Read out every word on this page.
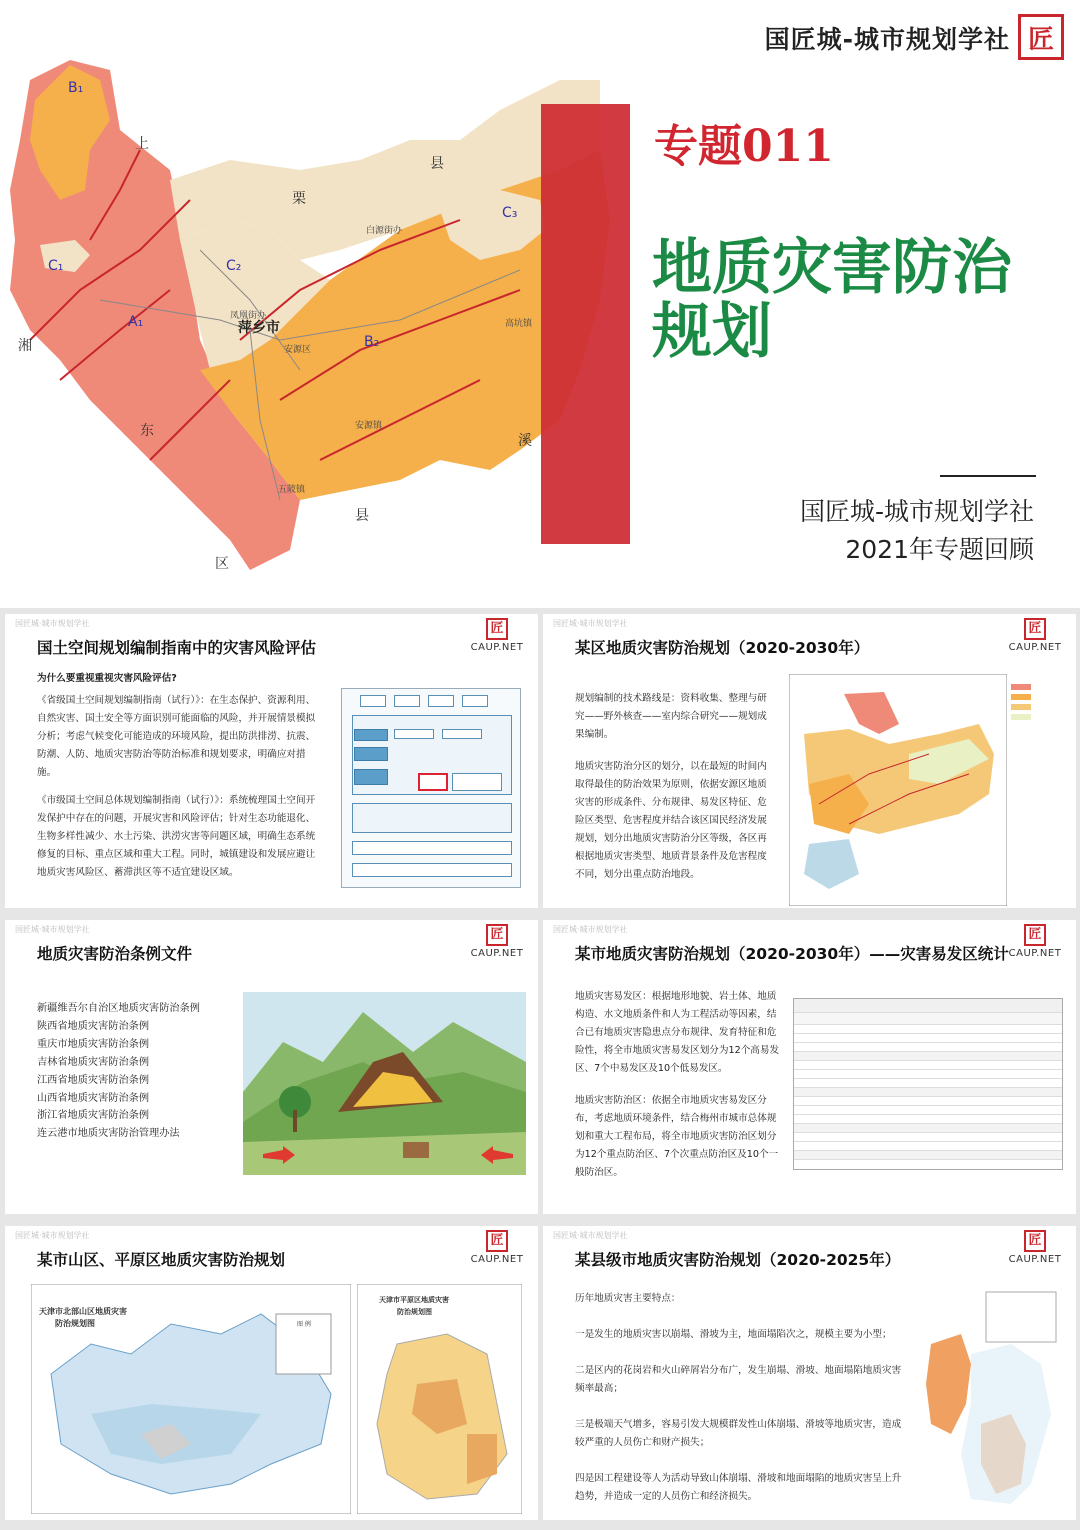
上
栗
县
湘
东
溪
县
区
B₁
C₁
A₁
C₂
B₂
C₃
白源街办
高坑镇
安源区
安源镇
五陂镇
凤凰街办
萍乡市
国匠城-城市规划学社 匠
专题011
地质灾害防治
规划
国匠城-城市规划学社
2021年专题回顾
国匠城·城市规划学社
国土空间规划编制指南中的灾害风险评估
匠
CAUP.NET

为什么要重视重视灾害风险评估?

《省级国土空间规划编制指南（试行）》：在生态保护、资源利用、自然灾害、国土安全等方面识别可能面临的风险，并开展情景模拟分析；考虑气候变化可能造成的环境风险，提出防洪排涝、抗震、防潮、人防、地质灾害防治等防治标准和规划要求，明确应对措施。

《市级国土空间总体规划编制指南（试行）》：系统梳理国土空间开发保护中存在的问题，开展灾害和风险评估；针对生态功能退化、生物多样性减少、水土污染、洪涝灾害等问题区域，明确生态系统修复的目标、重点区域和重大工程。同时，城镇建设和发展应避让地质灾害风险区、蓄滞洪区等不适宜建设区域。

国匠城·城市规划学社
某区地质灾害防治规划（2020-2030年）
匠
CAUP.NET

规划编制的技术路线是：资料收集、整理与研究——野外核查——室内综合研究——规划成果编制。

地质灾害防治分区的划分，以在最短的时间内取得最佳的防治效果为原则，依据安源区地质灾害的形成条件、分布规律、易发区特征、危险区类型、危害程度并结合该区国民经济发展规划，划分出地质灾害防治分区等级，各区再根据地质灾害类型、地质背景条件及危害程度不同，划分出重点防治地段。

国匠城·城市规划学社
地质灾害防治条例文件
匠
CAUP.NET
新疆维吾尔自治区地质灾害防治条例
陕西省地质灾害防治条例
重庆市地质灾害防治条例
吉林省地质灾害防治条例
江西省地质灾害防治条例
山西省地质灾害防治条例
浙江省地质灾害防治条例
连云港市地质灾害防治管理办法
国匠城·城市规划学社
某市地质灾害防治规划（2020-2030年）——灾害易发区统计
匠
CAUP.NET

地质灾害易发区：根据地形地貌、岩土体、地质构造、水文地质条件和人为工程活动等因素，结合已有地质灾害隐患点分布规律、发育特征和危险性，将全市地质灾害易发区划分为12个高易发区、7个中易发区及10个低易发区。

地质灾害防治区：依据全市地质灾害易发区分布，考虑地质环境条件，结合梅州市城市总体规划和重大工程布局，将全市地质灾害防治区划分为12个重点防治区、7个次重点防治区及10个一般防治区。

国匠城·城市规划学社
某市山区、平原区地质灾害防治规划
匠
CAUP.NET
图 例
天津市北部山区地质灾害
防治规划图
天津市平原区地质灾害
防治规划图
国匠城·城市规划学社
某县级市地质灾害防治规划（2020-2025年）
匠
CAUP.NET

历年地质灾害主要特点：

一是发生的地质灾害以崩塌、滑坡为主，地面塌陷次之，规模主要为小型；

二是区内的花岗岩和火山碎屑岩分布广，发生崩塌、滑坡、地面塌陷地质灾害频率最高；

三是极端天气增多，容易引发大规模群发性山体崩塌、滑坡等地质灾害，造成较严重的人员伤亡和财产损失；

四是因工程建设等人为活动导致山体崩塌、滑坡和地面塌陷的地质灾害呈上升趋势，并造成一定的人员伤亡和经济损失。
